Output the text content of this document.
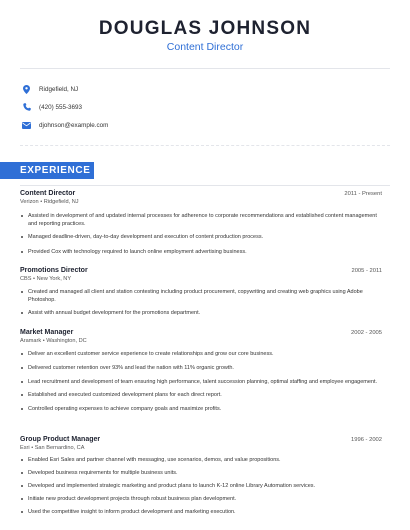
DOUGLAS JOHNSON
Content Director
Ridgefield, NJ
(420) 555-3693
djohnson@example.com
EXPERIENCE
Content Director	2011 - Present
Verizon • Ridgefield, NJ
Assisted in development of and updated internal processes for adherence to corporate recommendations and established content management and reporting practices.
Managed deadline-driven, day-to-day development and execution of content production process.
Provided Cox with technology required to launch online employment advertising business.
Promotions Director	2005 - 2011
CBS • New York, NY
Created and managed all client and station contesting including product procurement, copywriting and creating web graphics using Adobe Photoshop.
Assist with annual budget development for the promotions department.
Market Manager	2002 - 2005
Aramark • Washington, DC
Deliver an excellent customer service experience to create relationships and grow our core business.
Delivered customer retention over 93% and lead the nation with 11% organic growth.
Lead recruitment and development of team ensuring high performance, talent succession planning, optimal staffing and employee engagement.
Established and executed customized development plans for each direct report.
Controlled operating expenses to achieve company goals and maximize profits.
Group Product Manager	1996 - 2002
Esri • San Bernardino, CA
Enabled Esri Sales and partner channel with messaging, use scenarios, demos, and value propositions.
Developed business requirements for multiple business units.
Developed and implemented strategic marketing and product plans to launch K-12 online Library Automation services.
Initiate new product development projects through robust business plan development.
Used the competitive insight to inform product development and marketing execution.
